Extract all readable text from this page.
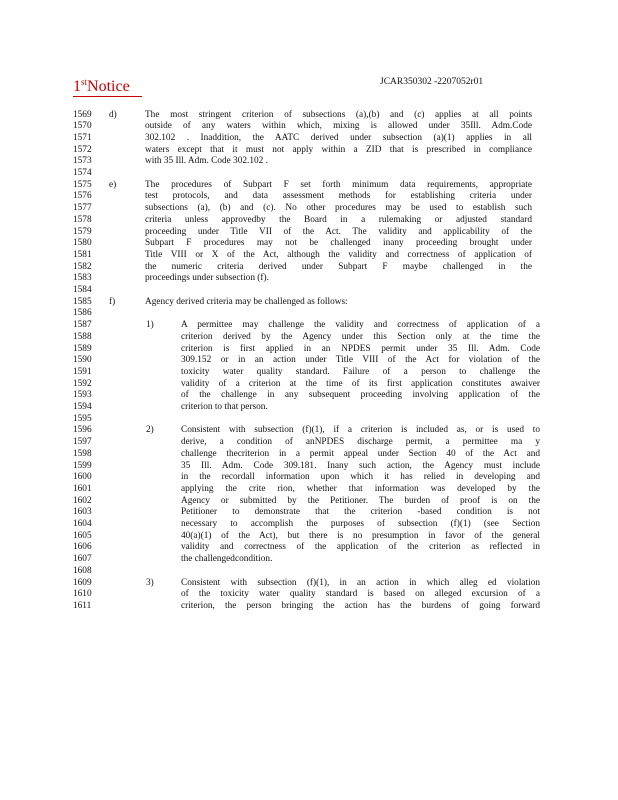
1stNotice	JCAR350302 -2207052r01
1569 d)	The most stringent criterion of subsections (a),(b) and (c) applies at all points
1570	outside of any waters within which, mixing is allowed under 35Ill. Adm.Code
1571	302.102 . Inaddition, the AATC derived under subsection (a)(1) applies in all
1572	waters except that it must not apply within a ZID that is prescribed in compliance
1573	with 35 Ill. Adm. Code 302.102 .
1574
1575 e)	The procedures of Subpart F set forth minimum data requirements, appropriate
1576	test protocols, and data assessment methods for establishing criteria under
1577	subsections (a), (b) and (c). No other procedures may be used to establish such
1578	criteria unless approvedby the Board in a rulemaking or adjusted standard
1579	proceeding under Title VII of the Act. The validity and applicability of the
1580	Subpart F procedures may not be challenged inany proceeding brought under
1581	Title VIII or X of the Act, although the validity and correctness of application of
1582	the numeric criteria derived under Subpart F maybe challenged in the
1583	proceedings under subsection (f).
1584
1585 f)	Agency derived criteria may be challenged as follows:
1586
1587	1)	A permittee may challenge the validity and correctness of application of a
1588	criterion derived by the Agency under this Section only at the time the
1589	criterion is first applied in an NPDES permit under 35 Ill. Adm. Code
1590	309.152 or in an action under Title VIII of the Act for violation of the
1591	toxicity water quality standard. Failure of a person to challenge the
1592	validity of a criterion at the time of its first application constitutes awaiver
1593	of the challenge in any subsequent proceeding involving application of the
1594	criterion to that person.
1595
1596	2)	Consistent with subsection (f)(1), if a criterion is included as, or is used to
1597	derive, a condition of anNPDES discharge permit, a permittee ma y
1598	challenge thecriterion in a permit appeal under Section 40 of the Act and
1599	35 Ill. Adm. Code 309.181. Inany such action, the Agency must include
1600	in the recordall information upon which it has relied in developing and
1601	applying the crite rion, whether that information was developed by the
1602	Agency or submitted by the Petitioner. The burden of proof is on the
1603	Petitioner to demonstrate that the criterion -based condition is not
1604	necessary to accomplish the purposes of subsection (f)(1) (see Section
1605	40(a)(1) of the Act), but there is no presumption in favor of the general
1606	validity and correctness of the application of the criterion as reflected in
1607	the challengedcondition.
1608
1609	3)	Consistent with subsection (f)(1), in an action in which alleg ed violation
1610	of the toxicity water quality standard is based on alleged excursion of a
1611	criterion, the person bringing the action has the burdens of going forward
